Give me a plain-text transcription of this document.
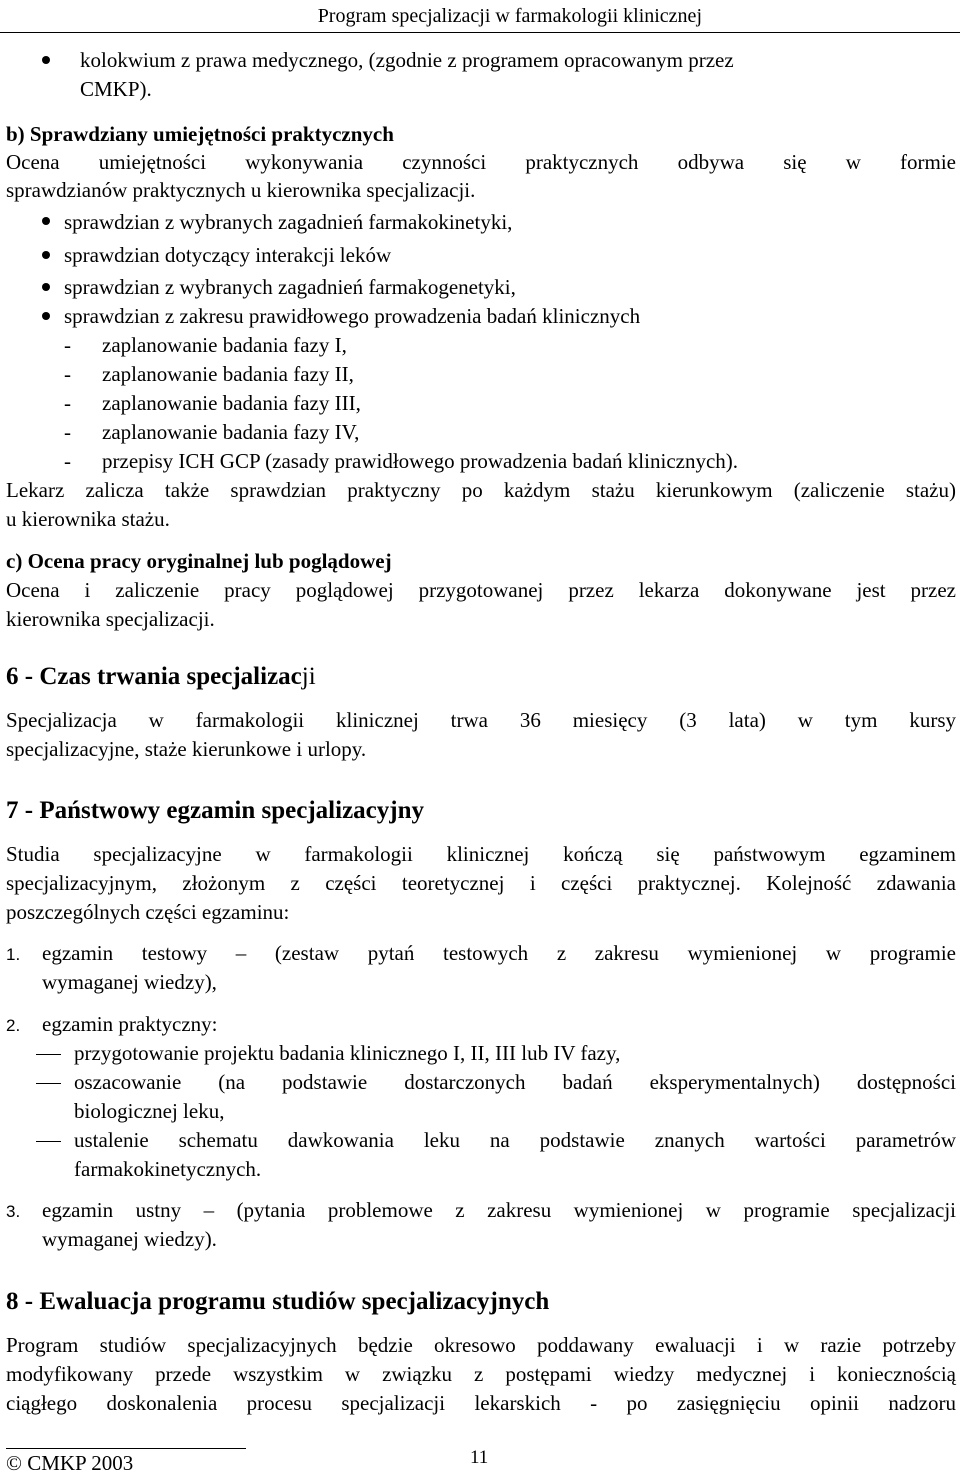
Program specjalizacji w farmakologii klinicznej
kolokwium z prawa medycznego, (zgodnie z programem opracowanym przez
CMKP).
b) Sprawdziany umiejętności praktycznych
Ocena umiejętności wykonywania czynności praktycznych odbywa się w formie
sprawdzianów praktycznych u kierownika specjalizacji.
sprawdzian z wybranych zagadnień farmakokinetyki,
sprawdzian dotyczący interakcji leków
sprawdzian z wybranych zagadnień farmakogenetyki,
sprawdzian z zakresu prawidłowego prowadzenia badań klinicznych
- zaplanowanie badania fazy I,
- zaplanowanie badania fazy II,
- zaplanowanie badania fazy III,
- zaplanowanie badania fazy IV,
- przepisy ICH GCP (zasady prawidłowego prowadzenia badań klinicznych).
Lekarz zalicza także sprawdzian praktyczny po każdym stażu kierunkowym (zaliczenie stażu)
u kierownika stażu.
c) Ocena pracy oryginalnej lub poglądowej
Ocena i zaliczenie pracy poglądowej przygotowanej przez lekarza dokonywane jest przez
kierownika specjalizacji.
6 - Czas trwania specjalizacji
Specjalizacja w farmakologii klinicznej trwa 36 miesięcy (3 lata) w tym kursy
specjalizacyjne, staże kierunkowe i urlopy.
7 - Państwowy egzamin specjalizacyjny
Studia specjalizacyjne w farmakologii klinicznej kończą się państwowym egzaminem
specjalizacyjnym, złożonym z części teoretycznej i części praktycznej. Kolejność zdawania
poszczególnych części egzaminu:
1. egzamin testowy – (zestaw pytań testowych z zakresu wymienionej w programie
wymaganej wiedzy),
2. egzamin praktyczny:
przygotowanie projektu badania klinicznego I, II, III lub IV fazy,
oszacowanie (na podstawie dostarczonych badań eksperymentalnych) dostępności
biologicznej leku,
ustalenie schematu dawkowania leku na podstawie znanych wartości parametrów
farmakokinetycznych.
3. egzamin ustny – (pytania problemowe z zakresu wymienionej w programie specjalizacji
wymaganej wiedzy).
8 - Ewaluacja programu studiów specjalizacyjnych
Program studiów specjalizacyjnych będzie okresowo poddawany ewaluacji i w razie potrzeby
modyfikowany przede wszystkim w związku z postępami wiedzy medycznej i koniecznością
ciągłego doskonalenia procesu specjalizacji lekarskich - po zasięgnięciu opinii nadzoru
© CMKP 2003	11
